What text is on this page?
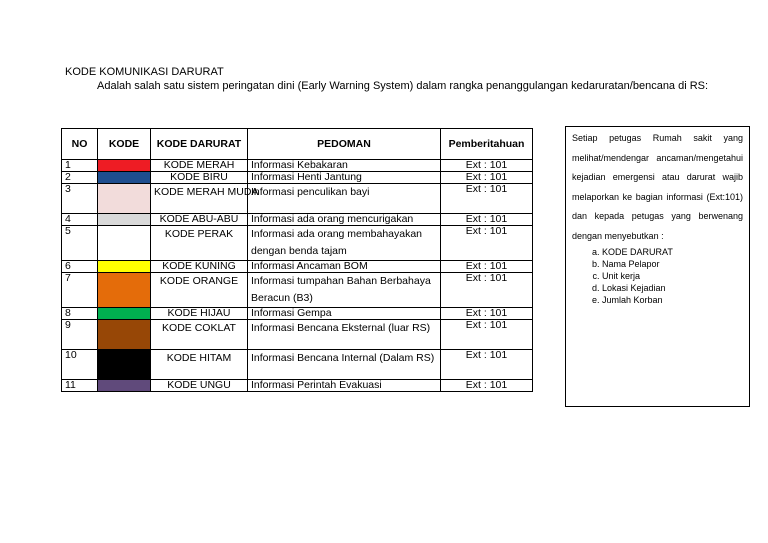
KODE KOMUNIKASI DARURAT
Adalah salah satu sistem peringatan dini (Early Warning System) dalam rangka penanggulangan kedaruratan/bencana di RS:
NO	KODE	KODE DARURAT	PEDOMAN	Pemberitahuan
1		KODE MERAH	Informasi Kebakaran	Ext : 101
2		KODE BIRU	Informasi Henti Jantung	Ext : 101
3		KODE MERAH MUDA	Informasi penculikan bayi	Ext : 101
4		KODE ABU-ABU	Informasi ada orang mencurigakan	Ext : 101
5		KODE PERAK	Informasi ada orang membahayakan dengan benda tajam	Ext : 101
6		KODE KUNING	Informasi Ancaman BOM	Ext : 101
7		KODE ORANGE	Informasi tumpahan Bahan Berbahaya Beracun (B3)	Ext : 101
8		KODE HIJAU	Informasi Gempa	Ext : 101
9		KODE COKLAT	Informasi Bencana Eksternal (luar RS)	Ext : 101
10		KODE HITAM	Informasi Bencana Internal (Dalam RS)	Ext : 101
11		KODE UNGU	Informasi Perintah Evakuasi	Ext : 101

Setiap petugas Rumah sakit yang melihat/mendengar ancaman/mengetahui kejadian emergensi atau darurat wajib melaporkan ke bagian informasi (Ext:101) dan kepada petugas yang berwenang dengan menyebutkan :

a. KODE DARURAT
b. Nama Pelapor
c. Unit kerja
d. Lokasi Kejadian
e. Jumlah Korban
